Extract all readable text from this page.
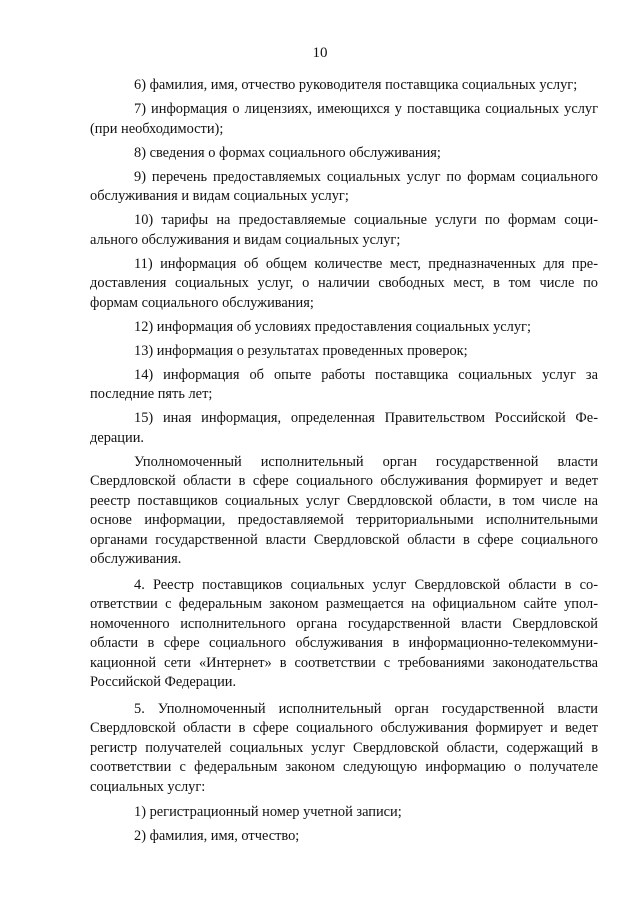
10

6) фамилия, имя, отчество руководителя поставщика социальных услуг;

7) информация о лицензиях, имеющихся у поставщика социальных услуг (при необходимости);

8) сведения о формах социального обслуживания;

9) перечень предоставляемых социальных услуг по формам социального обслуживания и видам социальных услуг;

10) тарифы на предоставляемые социальные услуги по формам социального обслуживания и видам социальных услуг;

11) информация об общем количестве мест, предназначенных для предоставления социальных услуг, о наличии свободных мест, в том числе по формам социального обслуживания;

12) информация об условиях предоставления социальных услуг;

13) информация о результатах проведенных проверок;

14) информация об опыте работы поставщика социальных услуг за последние пять лет;

15) иная информация, определенная Правительством Российской Федерации.

Уполномоченный исполнительный орган государственной власти Свердловской области в сфере социального обслуживания формирует и ведет реестр поставщиков социальных услуг Свердловской области, в том числе на основе информации, предоставляемой территориальными исполнительными органами государственной власти Свердловской области в сфере социального обслуживания.

4. Реестр поставщиков социальных услуг Свердловской области в соответствии с федеральным законом размещается на официальном сайте уполномоченного исполнительного органа государственной власти Свердловской области в сфере социального обслуживания в информационно-телекоммуникационной сети «Интернет» в соответствии с требованиями законодательства Российской Федерации.

5. Уполномоченный исполнительный орган государственной власти Свердловской области в сфере социального обслуживания формирует и ведет регистр получателей социальных услуг Свердловской области, содержащий в соответствии с федеральным законом следующую информацию о получателе социальных услуг:

1) регистрационный номер учетной записи;

2) фамилия, имя, отчество;
